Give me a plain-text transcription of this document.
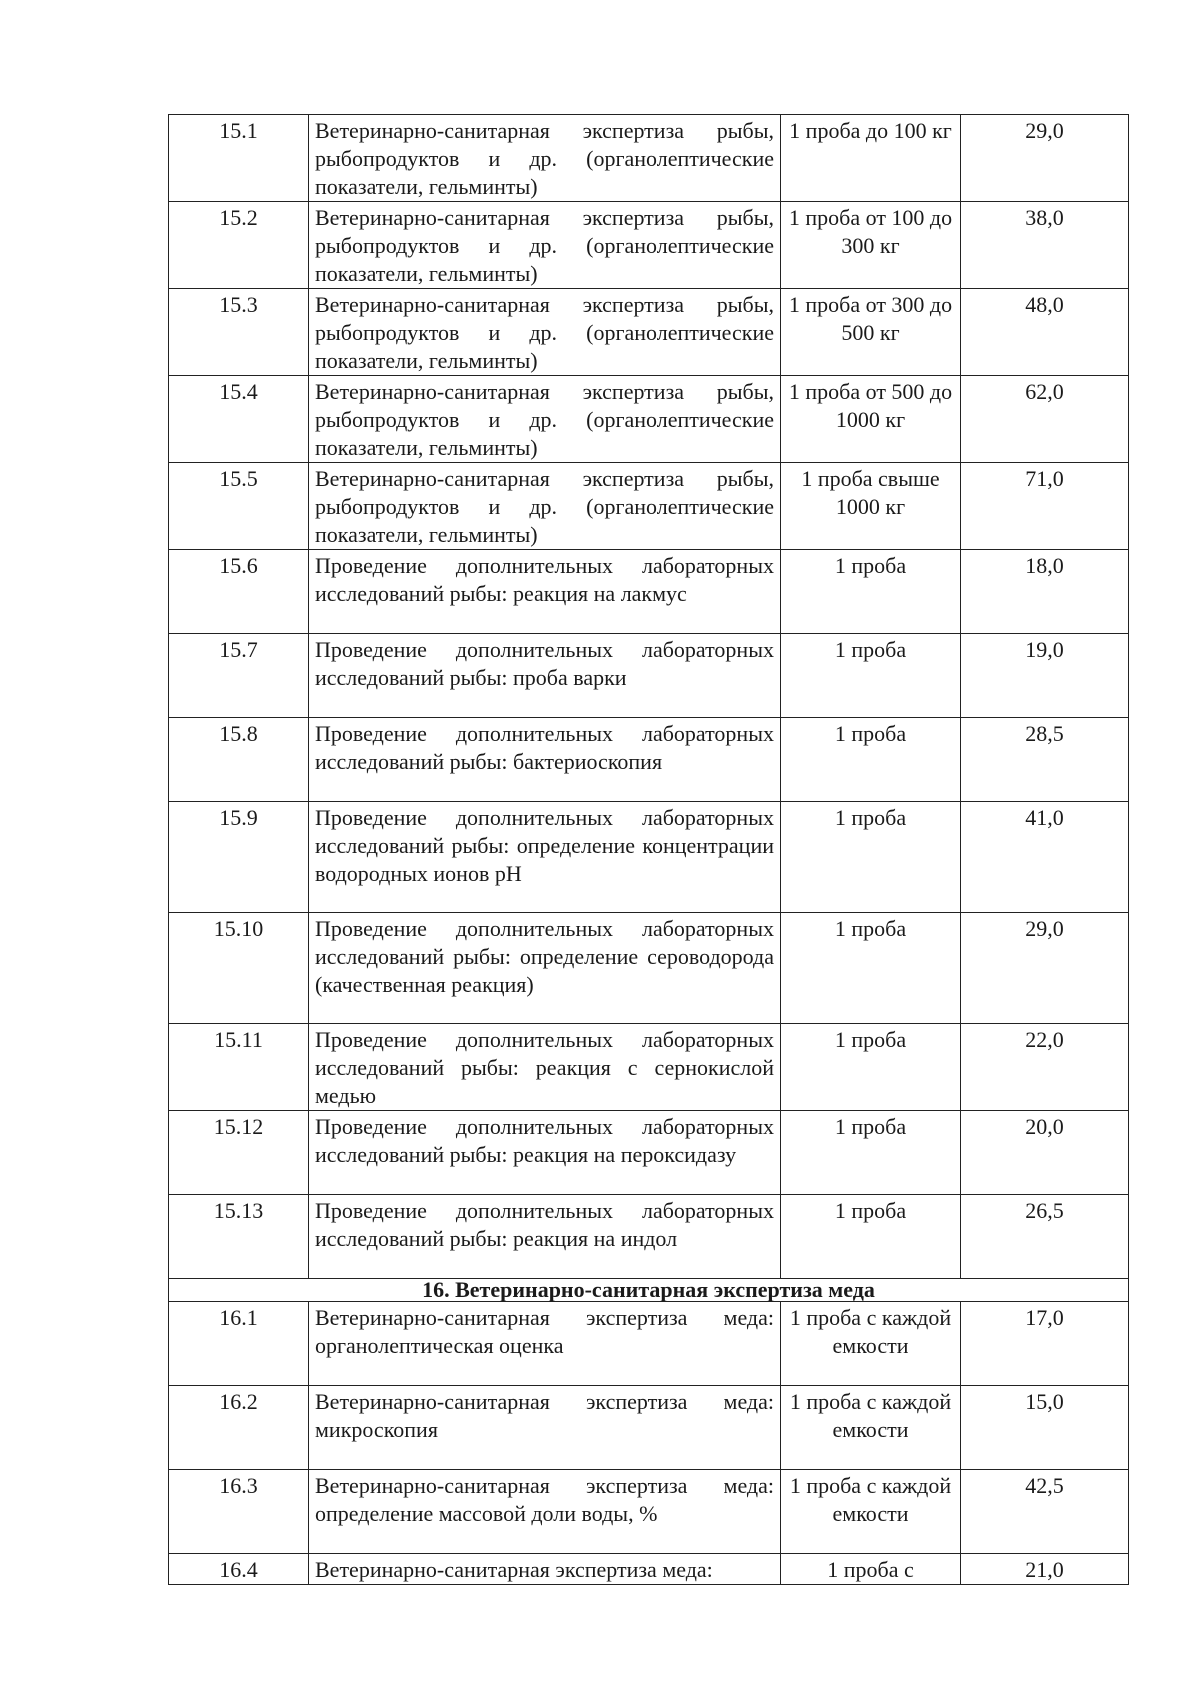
15.1	Ветеринарно-санитарная экспертиза рыбы, рыбопродуктов и др. (органолептические показатели, гельминты)	1 проба до 100 кг	29,0
15.2	Ветеринарно-санитарная экспертиза рыбы, рыбопродуктов и др. (органолептические показатели, гельминты)	1 проба от 100 до 300 кг	38,0
15.3	Ветеринарно-санитарная экспертиза рыбы, рыбопродуктов и др. (органолептические показатели, гельминты)	1 проба от 300 до 500 кг	48,0
15.4	Ветеринарно-санитарная экспертиза рыбы, рыбопродуктов и др. (органолептические показатели, гельминты)	1 проба от 500 до 1000 кг	62,0
15.5	Ветеринарно-санитарная экспертиза рыбы, рыбопродуктов и др. (органолептические показатели, гельминты)	1 проба свыше 1000 кг	71,0
15.6	Проведение дополнительных лабораторных исследований рыбы: реакция на лакмус	1 проба	18,0
15.7	Проведение дополнительных лабораторных исследований рыбы: проба варки	1 проба	19,0
15.8	Проведение дополнительных лабораторных исследований рыбы: бактериоскопия	1 проба	28,5
15.9	Проведение дополнительных лабораторных исследований рыбы: определение концентрации водородных ионов pH	1 проба	41,0
15.10	Проведение дополнительных лабораторных исследований рыбы: определение сероводорода (качественная реакция)	1 проба	29,0
15.11	Проведение дополнительных лабораторных исследований рыбы: реакция с сернокислой медью	1 проба	22,0
15.12	Проведение дополнительных лабораторных исследований рыбы: реакция на пероксидазу	1 проба	20,0
15.13	Проведение дополнительных лабораторных исследований рыбы: реакция на индол	1 проба	26,5
16. Ветеринарно-санитарная экспертиза меда			
16.1	Ветеринарно-санитарная экспертиза меда: органолептическая оценка	1 проба с каждой емкости	17,0
16.2	Ветеринарно-санитарная экспертиза меда: микроскопия	1 проба с каждой емкости	15,0
16.3	Ветеринарно-санитарная экспертиза меда: определение массовой доли воды, %	1 проба с каждой емкости	42,5
16.4	Ветеринарно-санитарная экспертиза меда:	1 проба с	21,0
